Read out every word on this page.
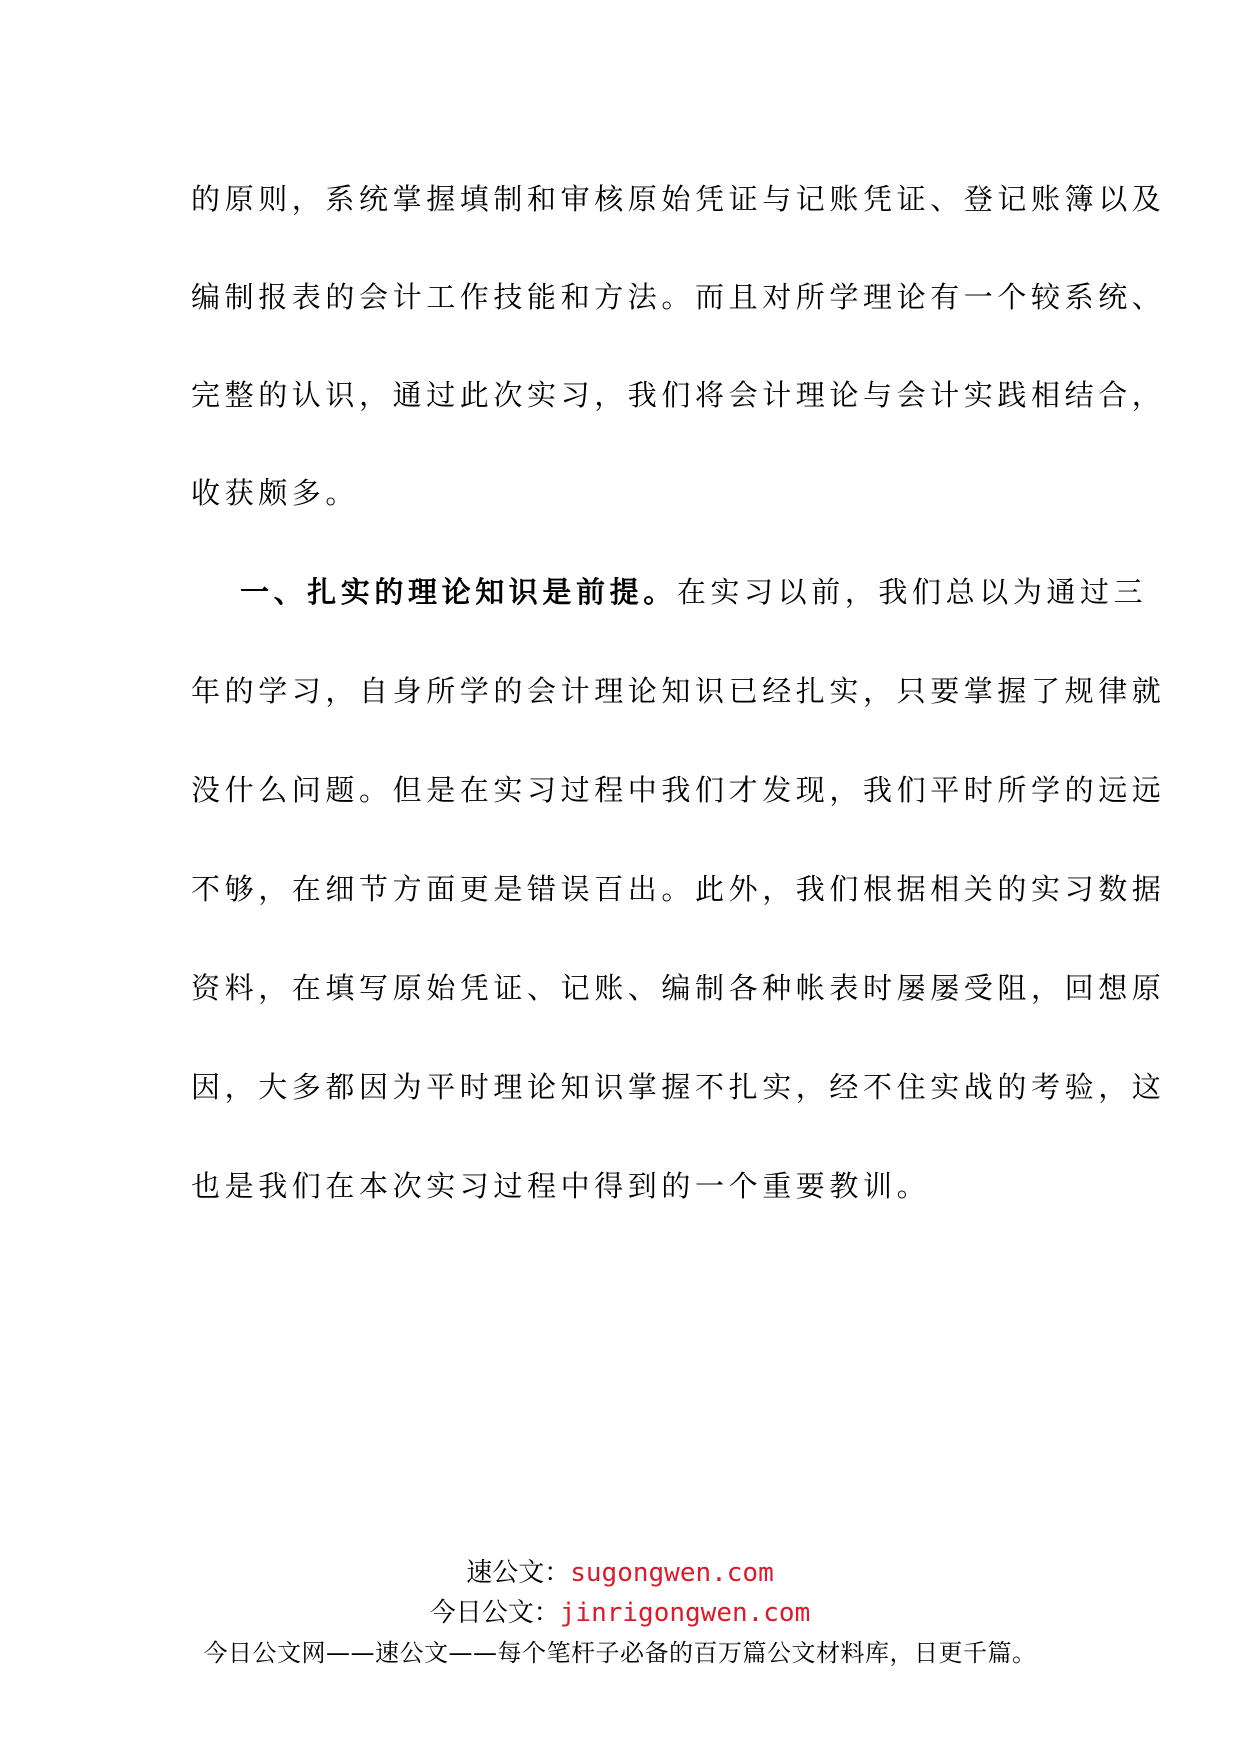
的原则，系统掌握填制和审核原始凭证与记账凭证、登记账簿以及
编制报表的会计工作技能和方法。而且对所学理论有一个较系统、
完整的认识，通过此次实习，我们将会计理论与会计实践相结合，
收获颇多。
一、扎实的理论知识是前提。在实习以前，我们总以为通过三
年的学习，自身所学的会计理论知识已经扎实，只要掌握了规律就
没什么问题。但是在实习过程中我们才发现，我们平时所学的远远
不够，在细节方面更是错误百出。此外，我们根据相关的实习数据
资料，在填写原始凭证、记账、编制各种帐表时屡屡受阻，回想原
因，大多都因为平时理论知识掌握不扎实，经不住实战的考验，这
也是我们在本次实习过程中得到的一个重要教训。
速公文：sugongwen.com
今日公文：jinrigongwen.com
今日公文网——速公文——每个笔杆子必备的百万篇公文材料库，日更千篇。
